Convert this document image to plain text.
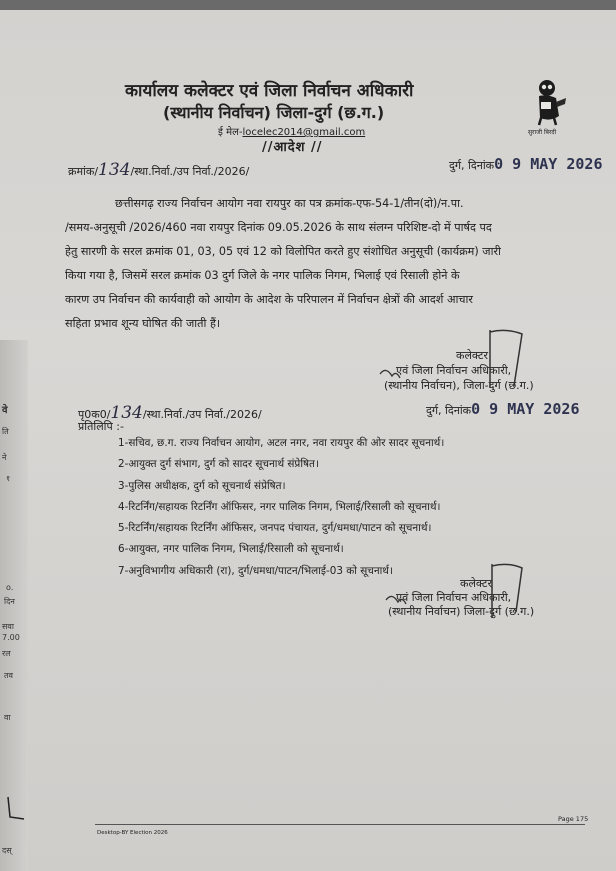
वे
ति
ने
१
o.
दिन
सवा
7.00
रल
तव
वा
दस्
कार्यालय कलेक्टर एवं जिला निर्वाचन अधिकारी
(स्थानीय निर्वाचन) जिला-दुर्ग (छ.ग.)
ई मेल-locelec2014@gmail.com
//आदेश //
सुराजी बिरदी
क्रमांक/134/स्था.निर्वा./उप निर्वा./2026/	दुर्ग, दिनांक0 9 MAY 2026
छत्तीसगढ़ राज्य निर्वाचन आयोग नवा रायपुर का पत्र क्रमांक-एफ-54-1/तीन(दो)/न.पा.
/समय-अनुसूची /2026/460 नवा रायपुर दिनांक 09.05.2026 के साथ संलग्न परिशिष्ट-दो में पार्षद पद
हेतु सारणी के सरल क्रमांक 01, 03, 05 एवं 12 को विलोपित करते हुए संशोधित अनुसूची (कार्यक्रम) जारी
किया गया है, जिसमें सरल क्रमांक 03 दुर्ग जिले के नगर पालिक निगम, भिलाई एवं रिसाली होने के
कारण उप निर्वाचन की कार्यवाही को आयोग के आदेश के परिपालन में निर्वाचन क्षेत्रों की आदर्श आचार
सहिता प्रभाव शून्य घोषित की जाती हैं।
कलेक्टर
एवं जिला निर्वाचन अधिकारी,
(स्थानीय निर्वाचन), जिला-दुर्ग (छ.ग.)
पृ0क0/134/स्था.निर्वा./उप निर्वा./2026/	दुर्ग, दिनांक0 9 MAY 2026
प्रतिलिपि :-
1-सचिव, छ.ग. राज्य निर्वाचन आयोग, अटल नगर, नवा रायपुर की ओर सादर सूचनार्थ।
2-आयुक्त दुर्ग संभाग, दुर्ग को सादर सूचनार्थ संप्रेषित।
3-पुलिस अधीक्षक, दुर्ग को सूचनार्थ संप्रेषित।
4-रिटर्निंग/सहायक रिटर्निंग ऑफिसर, नगर पालिक निगम, भिलाई/रिसाली को सूचनार्थ।
5-रिटर्निंग/सहायक रिटर्निंग ऑफिसर, जनपद पंचायत, दुर्ग/धमधा/पाटन को सूचनार्थ।
6-आयुक्त, नगर पालिक निगम, भिलाई/रिसाली को सूचनार्थ।
7-अनुविभागीय अधिकारी (रा), दुर्ग/धमधा/पाटन/भिलाई-03 को सूचनार्थ।
कलेक्टर
एवं जिला निर्वाचन अधिकारी,
(स्थानीय निर्वाचन) जिला-दुर्ग (छ.ग.)
Desktop-BY Election 2026
Page 175
